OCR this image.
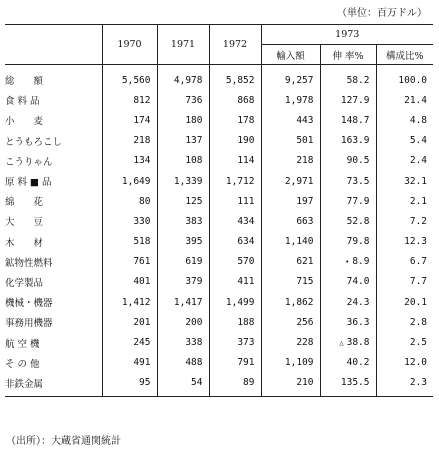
（単位：百万ドル）
	1970	1971	1972	1973		
				輸入額	伸 率%	構成比%
総　　額	5,560	4,978	5,852	9,257	58.2	100.0
食 料 品	812	736	868	1,978	127.9	21.4
小　　麦	174	180	178	443	148.7	4.8
とうもろこし	218	137	190	501	163.9	5.4
こうりゃん	134	108	114	218	90.5	2.4
原 料 ■ 品	1,649	1,339	1,712	2,971	73.5	32.1
綿　　花	80	125	111	197	77.9	2.1
大　　豆	330	383	434	663	52.8	7.2
木　　材	518	395	634	1,140	79.8	12.3
鉱物性燃料	761	619	570	621	• 8.9	6.7
化学製品	401	379	411	715	74.0	7.7
機械・機器	1,412	1,417	1,499	1,862	24.3	20.1
事務用機器	201	200	188	256	36.3	2.8
航 空 機	245	338	373	228	△ 38.8	2.5
そ の 他	491	488	791	1,109	40.2	12.0
非鉄金属	95	54	89	210	135.5	2.3
（出所）：大蔵省通関統計
